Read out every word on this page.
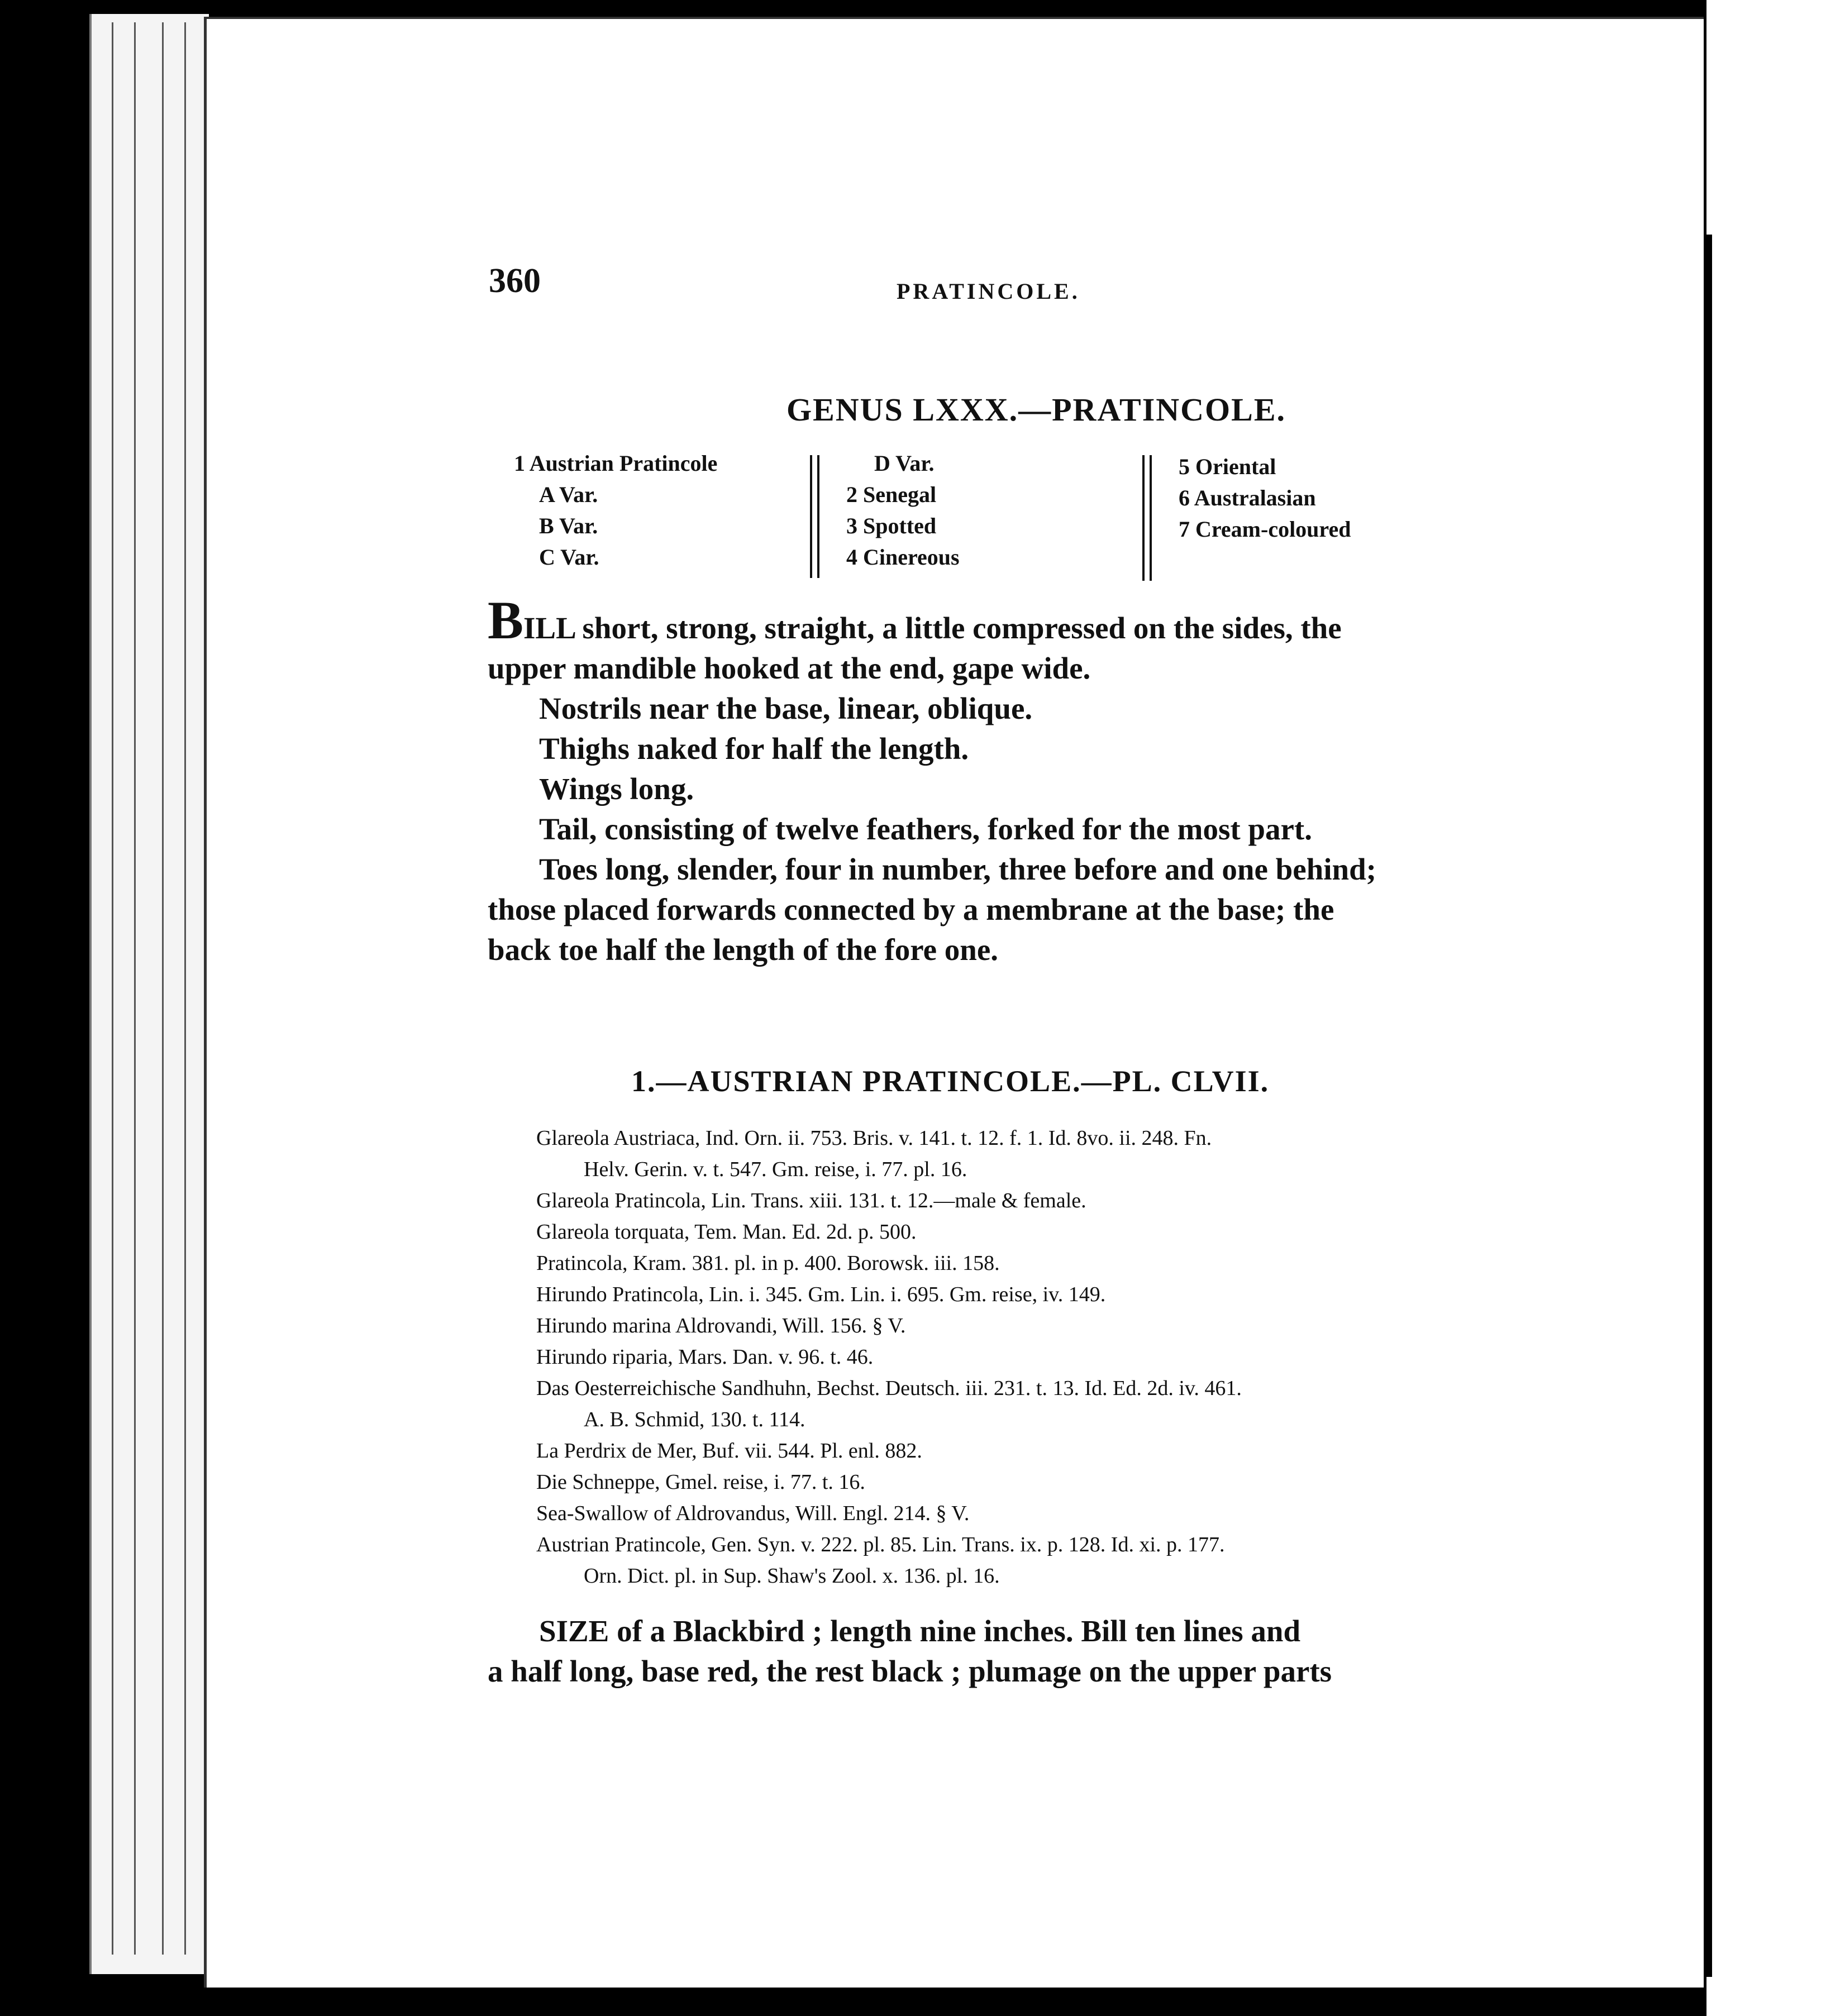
360	PRATINCOLE.
GENUS LXXX.—PRATINCOLE.
1 Austrian Pratincole
A Var.
B Var.
C Var.
D Var.
2 Senegal
3 Spotted
4 Cinereous
5 Oriental
6 Australasian
7 Cream-coloured
BILL short, strong, straight, a little compressed on the sides, the
upper mandible hooked at the end, gape wide.
Nostrils near the base, linear, oblique.
Thighs naked for half the length.
Wings long.
Tail, consisting of twelve feathers, forked for the most part.
Toes long, slender, four in number, three before and one behind;
those placed forwards connected by a membrane at the base; the
back toe half the length of the fore one.
1.—AUSTRIAN PRATINCOLE.—PL. CLVII.
Glareola Austriaca, Ind. Orn. ii. 753. Bris. v. 141. t. 12. f. 1. Id. 8vo. ii. 248. Fn.
Helv. Gerin. v. t. 547. Gm. reise, i. 77. pl. 16.
Glareola Pratincola, Lin. Trans. xiii. 131. t. 12.—male & female.
Glareola torquata, Tem. Man. Ed. 2d. p. 500.
Pratincola, Kram. 381. pl. in p. 400. Borowsk. iii. 158.
Hirundo Pratincola, Lin. i. 345. Gm. Lin. i. 695. Gm. reise, iv. 149.
Hirundo marina Aldrovandi, Will. 156. § V.
Hirundo riparia, Mars. Dan. v. 96. t. 46.
Das Oesterreichische Sandhuhn, Bechst. Deutsch. iii. 231. t. 13. Id. Ed. 2d. iv. 461.
A. B. Schmid, 130. t. 114.
La Perdrix de Mer, Buf. vii. 544. Pl. enl. 882.
Die Schneppe, Gmel. reise, i. 77. t. 16.
Sea-Swallow of Aldrovandus, Will. Engl. 214. § V.
Austrian Pratincole, Gen. Syn. v. 222. pl. 85. Lin. Trans. ix. p. 128. Id. xi. p. 177.
Orn. Dict. pl. in Sup. Shaw's Zool. x. 136. pl. 16.
SIZE of a Blackbird ; length nine inches. Bill ten lines and
a half long, base red, the rest black ; plumage on the upper parts
